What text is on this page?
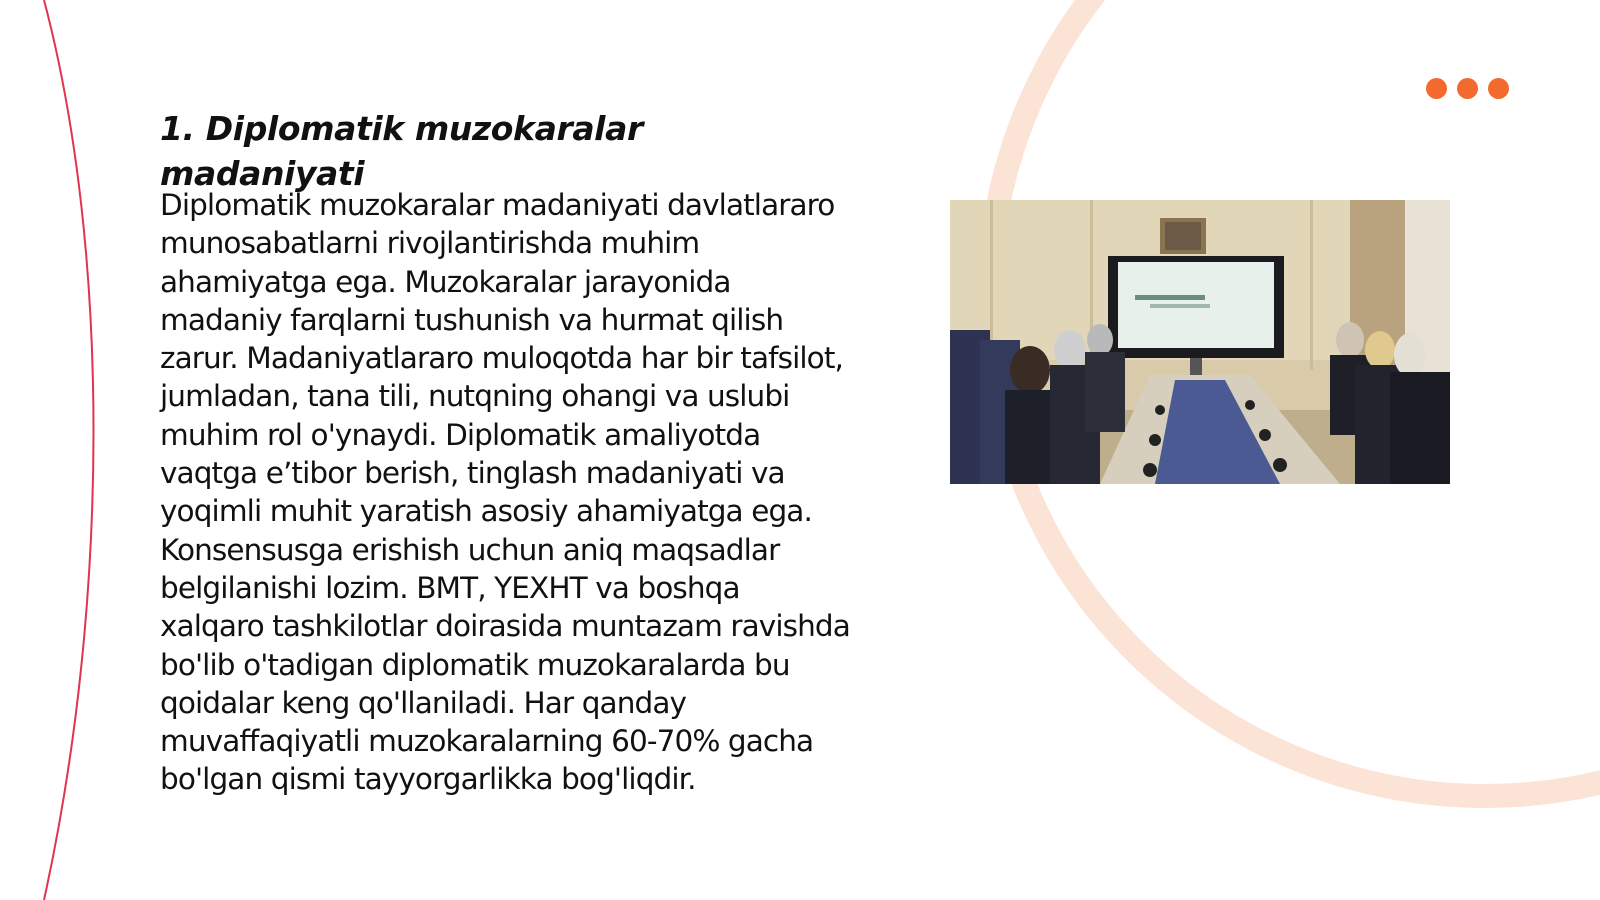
1. Diplomatik muzokaralar madaniyati

Diplomatik muzokaralar madaniyati davlatlararo munosabatlarni rivojlantirishda muhim ahamiyatga ega. Muzokaralar jarayonida madaniy farqlarni tushunish va hurmat qilish zarur. Madaniyatlararo muloqotda har bir tafsilot, jumladan, tana tili, nutqning ohangi va uslubi muhim rol o'ynaydi. Diplomatik amaliyotda vaqtga e’tibor berish, tinglash madaniyati va yoqimli muhit yaratish asosiy ahamiyatga ega. Konsensusga erishish uchun aniq maqsadlar belgilanishi lozim. BMT, YEXHT va boshqa xalqaro tashkilotlar doirasida muntazam ravishda bo'lib o'tadigan diplomatik muzokaralarda bu qoidalar keng qo'llaniladi. Har qanday muvaffaqiyatli muzokaralarning 60-70% gacha bo'lgan qismi tayyorgarlikka bog'liqdir.
